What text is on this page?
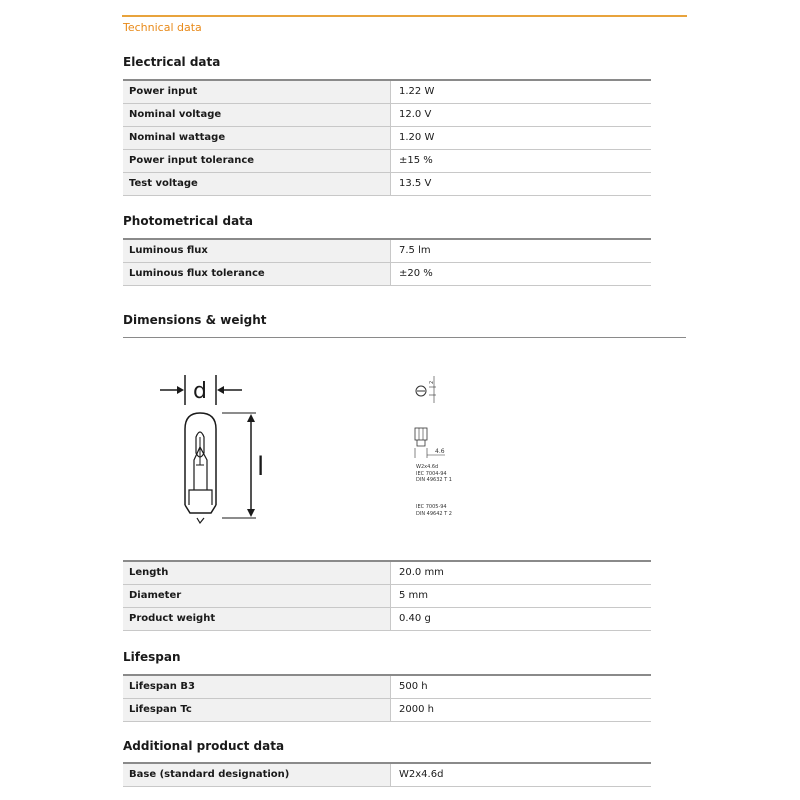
Technical data
Electrical data
Power input	1.22 W
Nominal voltage	12.0 V
Nominal wattage	1.20 W
Power input tolerance	±15 %
Test voltage	13.5 V
Photometrical data
Luminous flux	7.5 lm
Luminous flux tolerance	±20 %
Dimensions & weight
d
l
2
4.6

W2x4.6d
IEC 7004-94
DIN 49632 T 1

IEC 7005-94
DIN 49642 T 2

Length	20.0 mm
Diameter	5 mm
Product weight	0.40 g
Lifespan
Lifespan B3	500 h
Lifespan Tc	2000 h
Additional product data
Base (standard designation)	W2x4.6d
